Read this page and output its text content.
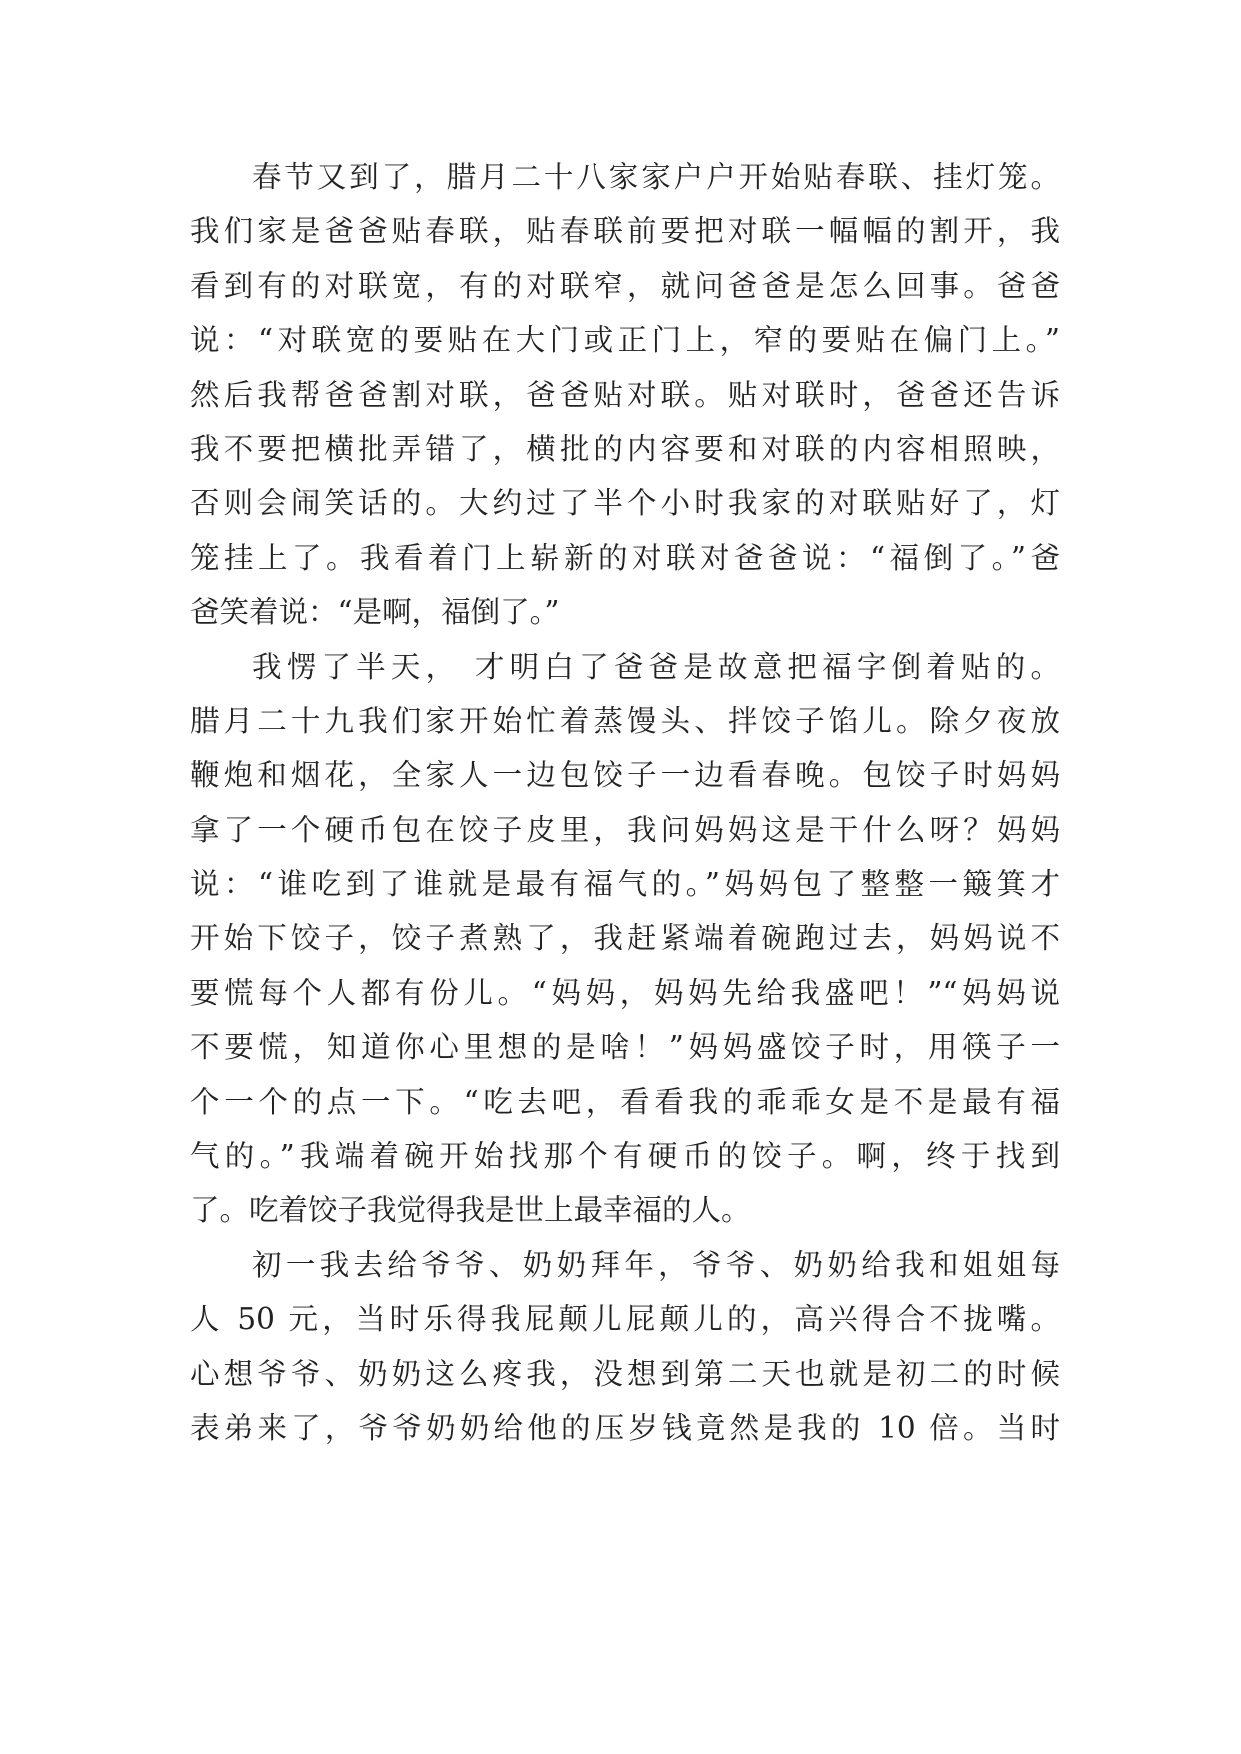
春节又到了，腊月二十八家家户户开始贴春联、挂灯笼。
我们家是爸爸贴春联，贴春联前要把对联一幅幅的割开，我
看到有的对联宽，有的对联窄，就问爸爸是怎么回事。爸爸
说：“对联宽的要贴在大门或正门上，窄的要贴在偏门上。”
然后我帮爸爸割对联，爸爸贴对联。贴对联时，爸爸还告诉
我不要把横批弄错了，横批的内容要和对联的内容相照映，
否则会闹笑话的。大约过了半个小时我家的对联贴好了，灯
笼挂上了。我看着门上崭新的对联对爸爸说：“福倒了。”爸
爸笑着说：“是啊，福倒了。”
我愣了半天， 才明白了爸爸是故意把福字倒着贴的。
腊月二十九我们家开始忙着蒸馒头、拌饺子馅儿。除夕夜放
鞭炮和烟花，全家人一边包饺子一边看春晚。包饺子时妈妈
拿了一个硬币包在饺子皮里，我问妈妈这是干什么呀？妈妈
说：“谁吃到了谁就是最有福气的。”妈妈包了整整一簸箕才
开始下饺子，饺子煮熟了，我赶紧端着碗跑过去，妈妈说不
要慌每个人都有份儿。“妈妈，妈妈先给我盛吧！”“妈妈说
不要慌，知道你心里想的是啥！”妈妈盛饺子时，用筷子一
个一个的点一下。“吃去吧，看看我的乖乖女是不是最有福
气的。”我端着碗开始找那个有硬币的饺子。啊，终于找到
了。吃着饺子我觉得我是世上最幸福的人。
初一我去给爷爷、奶奶拜年，爷爷、奶奶给我和姐姐每
人 50 元，当时乐得我屁颠儿屁颠儿的，高兴得合不拢嘴。
心想爷爷、奶奶这么疼我，没想到第二天也就是初二的时候
表弟来了，爷爷奶奶给他的压岁钱竟然是我的 10 倍。当时
